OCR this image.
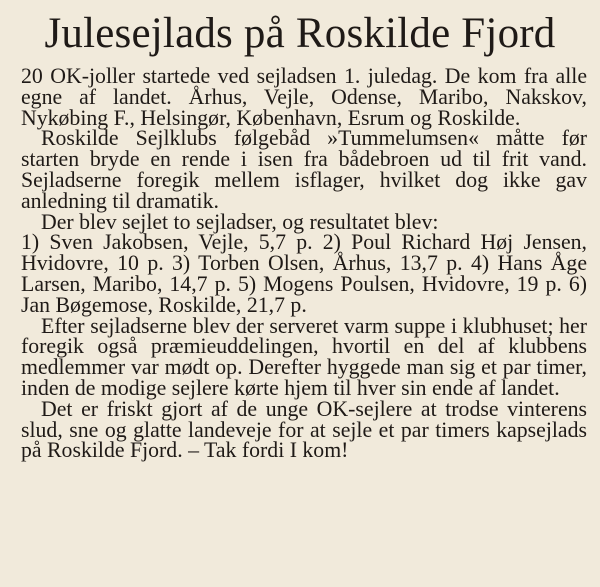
Julesejlads på Roskilde Fjord

20 OK-joller startede ved sejladsen 1. juledag. De kom fra alle egne af landet. Århus, Vejle, Odense, Maribo, Nakskov, Nykøbing F., Helsingør, København, Esrum og Roskilde.

Roskilde Sejlklubs følgebåd »Tummelumsen« måtte før starten bryde en rende i isen fra bådebroen ud til frit vand. Sejladserne foregik mellem isflager, hvilket dog ikke gav anledning til dramatik.

Der blev sejlet to sejladser, og resultatet blev:

1) Sven Jakobsen, Vejle, 5,7 p. 2) Poul Richard Høj Jensen, Hvidovre, 10 p. 3) Torben Olsen, Århus, 13,7 p. 4) Hans Åge Larsen, Maribo, 14,7 p. 5) Mogens Poulsen, Hvidovre, 19 p. 6) Jan Bøgemose, Roskilde, 21,7 p.

Efter sejladserne blev der serveret varm suppe i klubhuset; her foregik også præmieuddelingen, hvortil en del af klubbens medlemmer var mødt op. Derefter hyggede man sig et par timer, inden de modige sejlere kørte hjem til hver sin ende af landet.

Det er friskt gjort af de unge OK-sejlere at trodse vinterens slud, sne og glatte landeveje for at sejle et par timers kapsejlads på Roskilde Fjord. – Tak fordi I kom!
